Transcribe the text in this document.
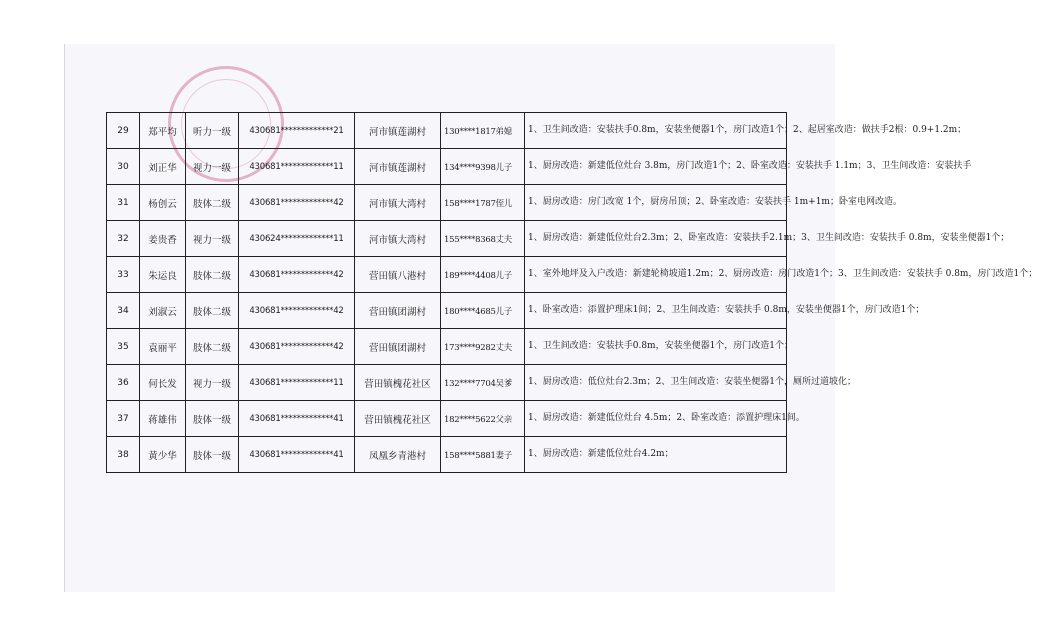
29	郑平均	听力一级	430681*************21	河市镇莲湖村	130****1817弟媳	1、卫生间改造：安装扶手0.8m，安装坐便器1个，房门改造1个；2、起居室改造：做扶手2根：0.9+1.2m；
30	刘正华	视力一级	430681*************11	河市镇莲湖村	134****9398儿子	1、厨房改造：新建低位灶台 3.8m，房门改造1个；2、卧室改造：安装扶手 1.1m；3、卫生间改造：安装扶手
31	杨创云	肢体二级	430681*************42	河市镇大湾村	158****1787侄儿	1、厨房改造：房门改宽 1个，厨房吊顶；2、卧室改造：安装扶手 1m+1m；卧室电网改造。
32	姜贵香	视力一级	430624*************11	河市镇大湾村	155****8368丈夫	1、厨房改造：新建低位灶台2.3m；2、卧室改造：安装扶手2.1m；3、卫生间改造：安装扶手 0.8m，安装坐便器1个；
33	朱运良	肢体二级	430681*************42	营田镇八港村	189****4408儿子	1、室外地坪及入户改造：新建轮椅坡道1.2m；2、厨房改造：房门改造1个；3、卫生间改造：安装扶手 0.8m，房门改造1个；
34	刘淑云	肢体二级	430681*************42	营田镇团湖村	180****4685儿子	1、卧室改造：添置护理床1间；2、卫生间改造：安装扶手 0.8m，安装坐便器1个，房门改造1个；
35	袁丽平	肢体二级	430681*************42	营田镇团湖村	173****9282丈夫	1、卫生间改造：安装扶手0.8m，安装坐便器1个，房门改造1个；
36	何长发	视力一级	430681*************11	营田镇槐花社区	132****7704吴爹	1、厨房改造：低位灶台2.3m；2、卫生间改造：安装坐便器1个，厕所过道坡化；
37	蒋雄伟	肢体一级	430681*************41	营田镇槐花社区	182****5622父亲	1、厨房改造：新建低位灶台 4.5m；2、卧室改造：添置护理床1间。
38	黄少华	肢体一级	430681*************41	凤凰乡青港村	158****5881妻子	1、厨房改造：新建低位灶台4.2m；
